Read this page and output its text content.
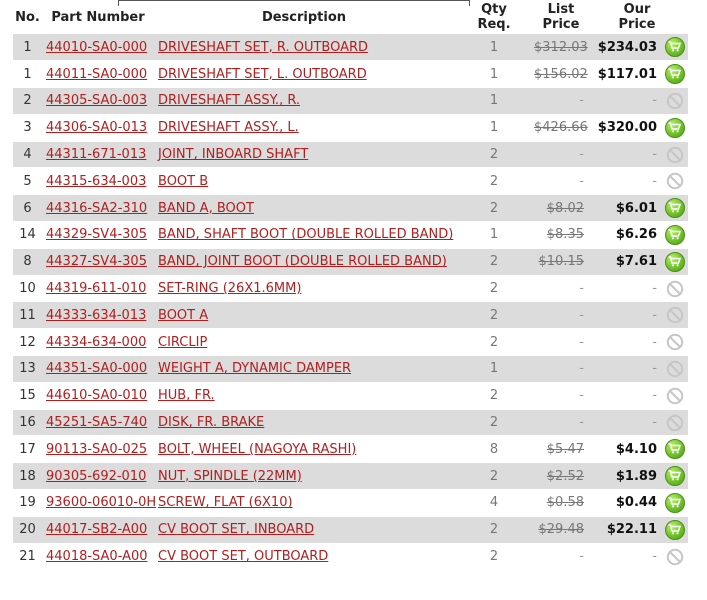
No.	Part Number	Description	Qty Req.	List Price	Our Price	

1	44010-SA0-000	DRIVESHAFT SET, R. OUTBOARD	1	$312.03	$234.03	

1	44011-SA0-000	DRIVESHAFT SET, L. OUTBOARD	1	$156.02	$117.01	

2	44305-SA0-003	DRIVESHAFT ASSY., R.	1	-	-	
3	44306-SA0-013	DRIVESHAFT ASSY., L.	1	$426.66	$320.00	

4	44311-671-013	JOINT, INBOARD SHAFT	2	-	-	
5	44315-634-003	BOOT B	2	-	-	
6	44316-SA2-310	BAND A, BOOT	2	$8.02	$6.01	

14	44329-SV4-305	BAND, SHAFT BOOT (DOUBLE ROLLED BAND)	1	$8.35	$6.26	

8	44327-SV4-305	BAND, JOINT BOOT (DOUBLE ROLLED BAND)	2	$10.15	$7.61	

10	44319-611-010	SET-RING (26X1.6MM)	2	-	-	
11	44333-634-013	BOOT A	2	-	-	
12	44334-634-000	CIRCLIP	2	-	-	
13	44351-SA0-000	WEIGHT A, DYNAMIC DAMPER	1	-	-	
15	44610-SA0-010	HUB, FR.	2	-	-	
16	45251-SA5-740	DISK, FR. BRAKE	2	-	-	
17	90113-SA0-025	BOLT, WHEEL (NAGOYA RASHI)	8	$5.47	$4.10	

18	90305-692-010	NUT, SPINDLE (22MM)	2	$2.52	$1.89	

19	93600-06010-0H	SCREW, FLAT (6X10)	4	$0.58	$0.44	

20	44017-SB2-A00	CV BOOT SET, INBOARD	2	$29.48	$22.11	

21	44018-SA0-A00	CV BOOT SET, OUTBOARD	2	-	-	
